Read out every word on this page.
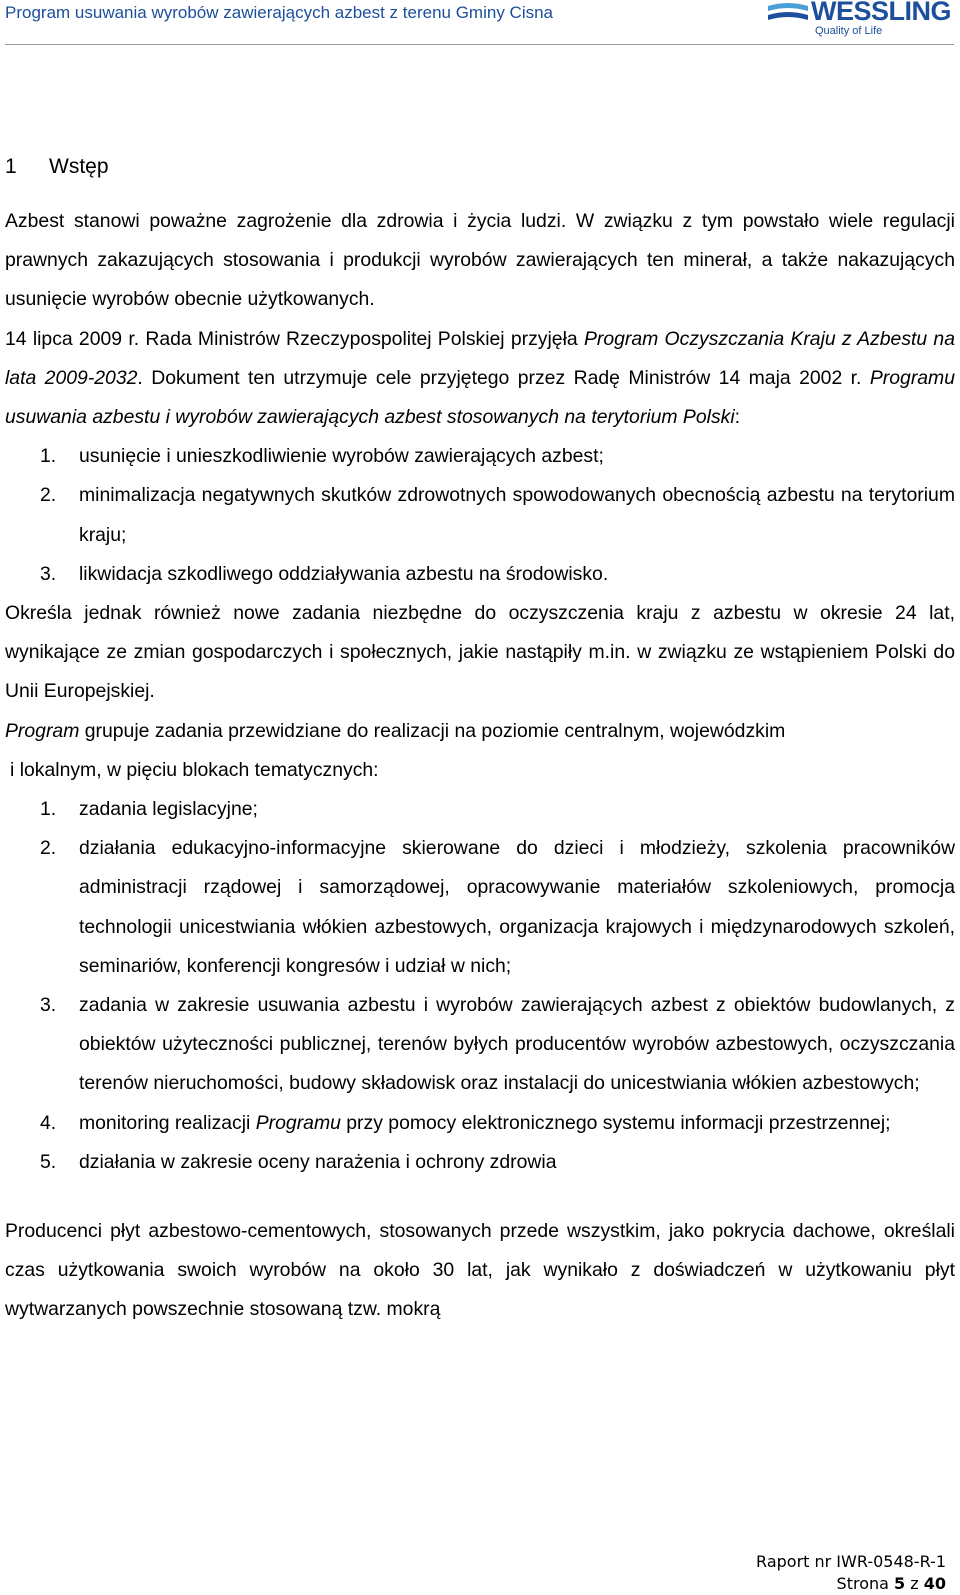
Program usuwania wyrobów zawierających azbest z terenu Gminy Cisna	WESSLING
Quality of Life
1 Wstęp

Azbest stanowi poważne zagrożenie dla zdrowia i życia ludzi. W związku z tym powstało wiele regulacji prawnych zakazujących stosowania i produkcji wyrobów zawierających ten minerał, a także nakazujących usunięcie wyrobów obecnie użytkowanych.

14 lipca 2009 r. Rada Ministrów Rzeczypospolitej Polskiej przyjęła Program Oczyszczania Kraju z Azbestu na lata 2009-2032. Dokument ten utrzymuje cele przyjętego przez Radę Ministrów 14 maja 2002 r. Programu usuwania azbestu i wyrobów zawierających azbest stosowanych na terytorium Polski:

1. usunięcie i unieszkodliwienie wyrobów zawierających azbest;
2. minimalizacja negatywnych skutków zdrowotnych spowodowanych obecnością azbestu na terytorium kraju;
3. likwidacja szkodliwego oddziaływania azbestu na środowisko.

Określa jednak również nowe zadania niezbędne do oczyszczenia kraju z azbestu w okresie 24 lat, wynikające ze zmian gospodarczych i społecznych, jakie nastąpiły m.in. w związku ze wstąpieniem Polski do Unii Europejskiej.

Program grupuje zadania przewidziane do realizacji na poziomie centralnym, wojewódzkim
i lokalnym, w pięciu blokach tematycznych:

1. zadania legislacyjne;
2. działania edukacyjno-informacyjne skierowane do dzieci i młodzieży, szkolenia pracowników administracji rządowej i samorządowej, opracowywanie materiałów szkoleniowych, promocja technologii unicestwiania włókien azbestowych, organizacja krajowych i międzynarodowych szkoleń, seminariów, konferencji kongresów i udział w nich;
3. zadania w zakresie usuwania azbestu i wyrobów zawierających azbest z obiektów budowlanych, z obiektów użyteczności publicznej, terenów byłych producentów wyrobów azbestowych, oczyszczania terenów nieruchomości, budowy składowisk oraz instalacji do unicestwiania włókien azbestowych;
4. monitoring realizacji Programu przy pomocy elektronicznego systemu informacji przestrzennej;
5. działania w zakresie oceny narażenia i ochrony zdrowia

Producenci płyt azbestowo-cementowych, stosowanych przede wszystkim, jako pokrycia dachowe, określali czas użytkowania swoich wyrobów na około 30 lat, jak wynikało z doświadczeń w użytkowaniu płyt wytwarzanych powszechnie stosowaną tzw. mokrą

Raport nr IWR-0548-R-1
Strona 5 z 40
